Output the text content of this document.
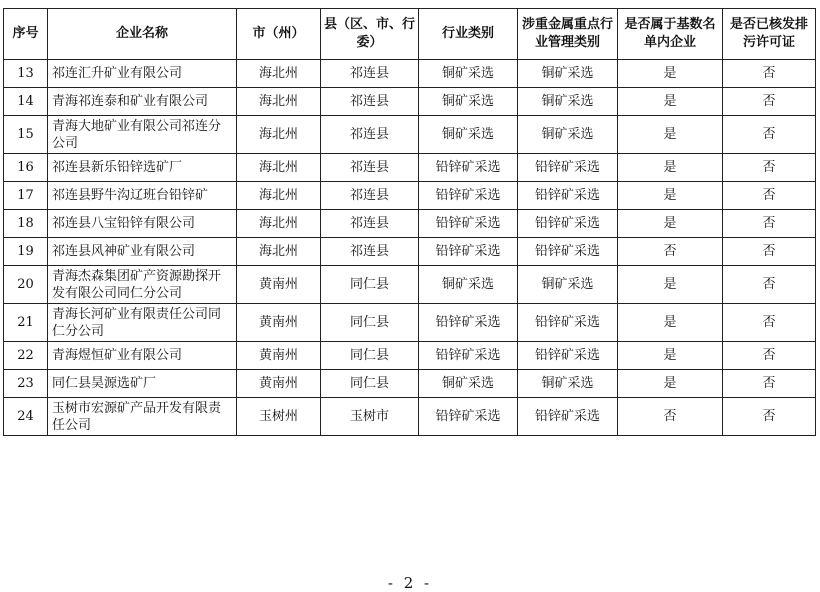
序号	企业名称	市（州）	县（区、市、行委）	行业类别	涉重金属重点行业管理类别	是否属于基数名单内企业	是否已核发排污许可证
13	祁连汇升矿业有限公司	海北州	祁连县	铜矿采选	铜矿采选	是	否
14	青海祁连泰和矿业有限公司	海北州	祁连县	铜矿采选	铜矿采选	是	否
15	青海大地矿业有限公司祁连分公司	海北州	祁连县	铜矿采选	铜矿采选	是	否
16	祁连县新乐铅锌选矿厂	海北州	祁连县	铅锌矿采选	铅锌矿采选	是	否
17	祁连县野牛沟辽班台铅锌矿	海北州	祁连县	铅锌矿采选	铅锌矿采选	是	否
18	祁连县八宝铅锌有限公司	海北州	祁连县	铅锌矿采选	铅锌矿采选	是	否
19	祁连县风神矿业有限公司	海北州	祁连县	铅锌矿采选	铅锌矿采选	否	否
20	青海杰森集团矿产资源勘探开发有限公司同仁分公司	黄南州	同仁县	铜矿采选	铜矿采选	是	否
21	青海长河矿业有限责任公司同仁分公司	黄南州	同仁县	铅锌矿采选	铅锌矿采选	是	否
22	青海煜恒矿业有限公司	黄南州	同仁县	铅锌矿采选	铅锌矿采选	是	否
23	同仁县昊源选矿厂	黄南州	同仁县	铜矿采选	铜矿采选	是	否
24	玉树市宏源矿产品开发有限责任公司	玉树州	玉树市	铅锌矿采选	铅锌矿采选	否	否
- 2 -
